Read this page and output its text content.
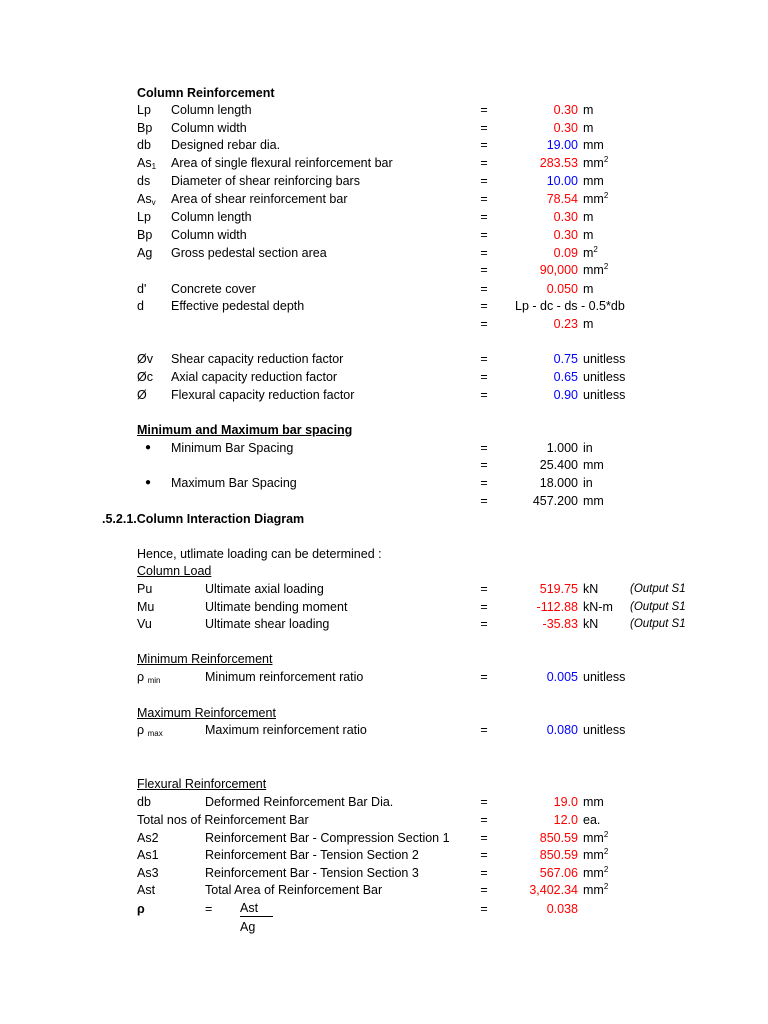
Column Reinforcement
Lp Column length	=	0.30 m
Bp Column width	=	0.30 m
db Designed rebar dia.	=	19.00 mm
$As_1$ Area of single flexural reinforcement bar	=	283.53 $mm^2$
ds Diameter of shear reinforcing bars	=	10.00 mm
$As_v$ Area of shear reinforcement bar	=	78.54 $mm^2$
Lp Column length	=	0.30 m
Bp Column width	=	0.30 m
Ag Gross pedestal section area	=	0.09 $m^2$
=	90,000 $mm^2$
d' Concrete cover	=	0.050 m
d Effective pedestal depth	= Lp - dc - ds - 0.5*db
=	0.23 m
Øv Shear capacity reduction factor	=	0.75 unitless
Øc Axial capacity reduction factor	=	0.65 unitless
Ø Flexural capacity reduction factor	=	0.90 unitless
Minimum and Maximum bar spacing
● Minimum Bar Spacing	=	1.000 in
=	25.400 mm
● Maximum Bar Spacing	=	18.000 in
=	457.200 mm
.5.2.1.Column Interaction Diagram
Hence, utlimate loading can be determined :
Column Load
Pu	Ultimate axial loading	=	519.75 kN	(Output S1
Mu	Ultimate bending moment	=	-112.88 kN-m (Output S1
Vu	Ultimate shear loading	=	-35.83 kN	(Output S1
Minimum Reinforcement
ρ $_{min}$	Minimum reinforcement ratio	=	0.005 unitless
Maximum Reinforcement
ρ $_{max}$	Maximum reinforcement ratio	=	0.080 unitless
Flexural Reinforcement
db	Deformed Reinforcement Bar Dia.	=	19.0 mm
Total nos of Reinforcement Bar	=	12.0 ea.
As2	Reinforcement Bar - Compression Section 1 =	850.59 $mm^2$
As1	Reinforcement Bar - Tension Section 2	=	850.59 $mm^2$
As3	Reinforcement Bar - Tension Section 3	=	567.06 $mm^2$
Ast	Total Area of Reinforcement Bar	=	3,402.34 $mm^2$
ρ	= Ast	=	0.038
Ag
